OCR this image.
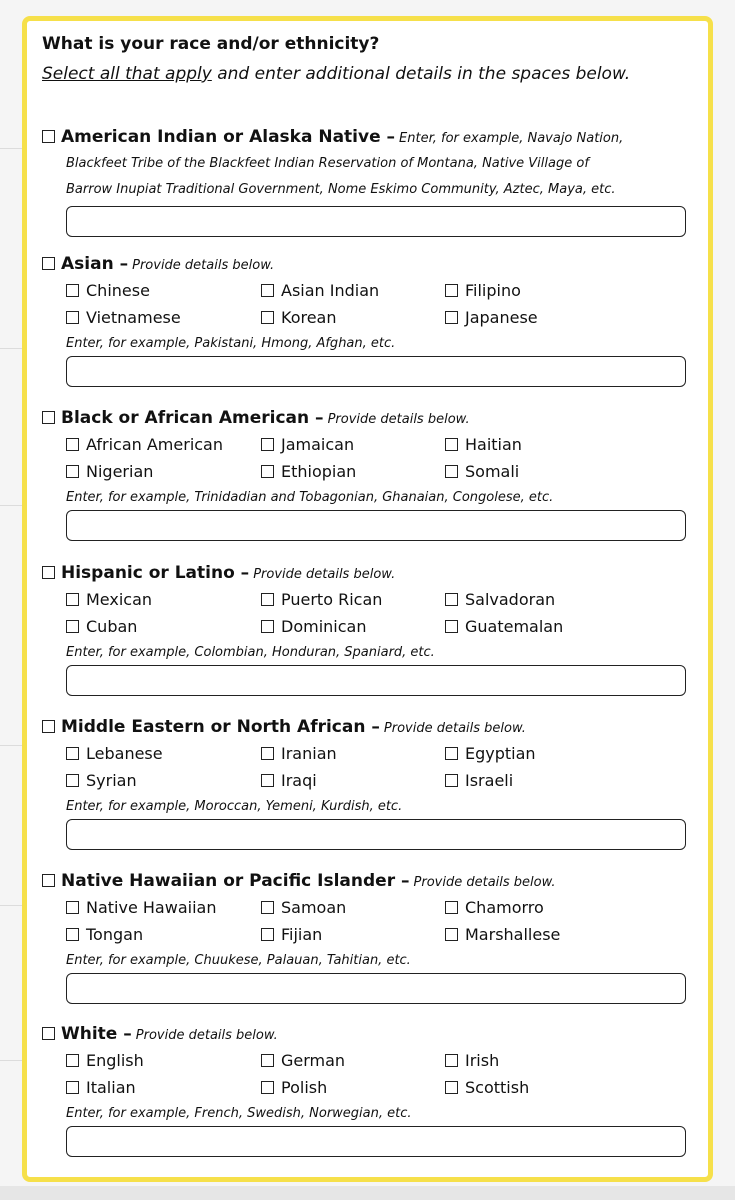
What is your race and/or ethnicity?
Select all that apply and enter additional details in the spaces below.
American Indian or Alaska Native – Enter, for example, Navajo Nation,
Blackfeet Tribe of the Blackfeet Indian Reservation of Montana, Native Village of
Barrow Inupiat Traditional Government, Nome Eskimo Community, Aztec, Maya, etc.
Asian – Provide details below.
Chinese	Asian Indian	Filipino
Vietnamese	Korean	Japanese
Enter, for example, Pakistani, Hmong, Afghan, etc.
Black or African American – Provide details below.
African American	Jamaican	Haitian
Nigerian	Ethiopian	Somali
Enter, for example, Trinidadian and Tobagonian, Ghanaian, Congolese, etc.
Hispanic or Latino – Provide details below.
Mexican	Puerto Rican	Salvadoran
Cuban	Dominican	Guatemalan
Enter, for example, Colombian, Honduran, Spaniard, etc.
Middle Eastern or North African – Provide details below.
Lebanese	Iranian	Egyptian
Syrian	Iraqi	Israeli
Enter, for example, Moroccan, Yemeni, Kurdish, etc.
Native Hawaiian or Pacific Islander – Provide details below.
Native Hawaiian	Samoan	Chamorro
Tongan	Fijian	Marshallese
Enter, for example, Chuukese, Palauan, Tahitian, etc.
White – Provide details below.
English	German	Irish
Italian	Polish	Scottish
Enter, for example, French, Swedish, Norwegian, etc.
